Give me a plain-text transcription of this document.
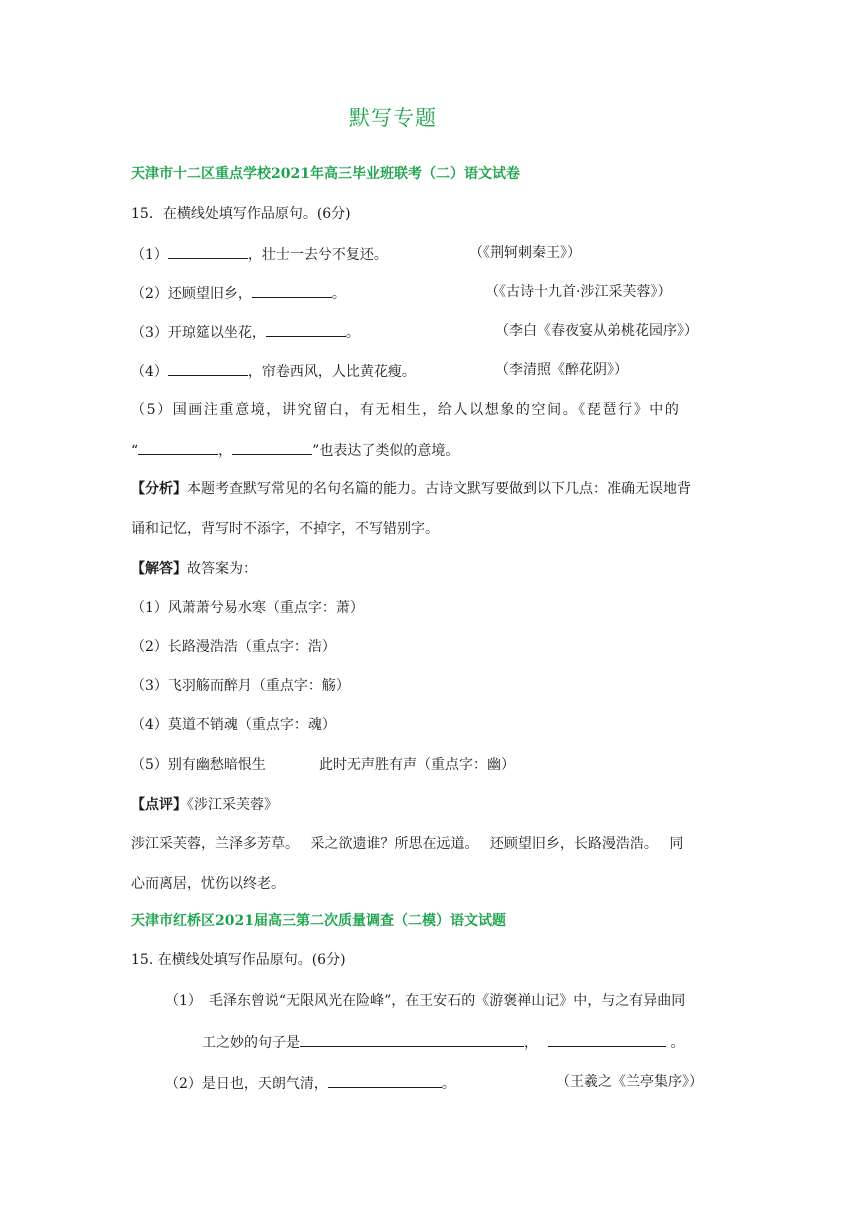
默写专题
天津市十二区重点学校2021年高三毕业班联考（二）语文试卷
15．在横线处填写作品原句。(6分)
（1）	，壮士一去兮不复还。	（《荆轲刺秦王》）
（2）还顾望旧乡，	。	（《古诗十九首·涉江采芙蓉》）
（3）开琼筵以坐花，	。	（李白《春夜宴从弟桃花园序》）
（4）	，帘卷西风，人比黄花瘦。	（李清照《醉花阴》）
（5）国画注重意境，讲究留白，有无相生，给人以想象的空间。《琵琶行》中的
“	，	”也表达了类似的意境。
【分析】本题考查默写常见的名句名篇的能力。古诗文默写要做到以下几点：准确无误地背
诵和记忆，背写时不添字，不掉字，不写错别字。
【解答】故答案为：
（1）风萧萧兮易水寒（重点字：萧）
（2）长路漫浩浩（重点字：浩）
（3）飞羽觞而醉月（重点字：觞）
（4）莫道不销魂（重点字：魂）
（5）别有幽愁暗恨生	此时无声胜有声（重点字：幽）
【点评】《涉江采芙蓉》
涉江采芙蓉，兰泽多芳草。　 采之欲遗谁？所思在远道。　 还顾望旧乡，长路漫浩浩。　 同
心而离居，忧伤以终老。
天津市红桥区2021届高三第二次质量调查（二模）语文试题
15. 在横线处填写作品原句。(6分)
（1）　毛泽东曾说“无限风光在险峰”，在王安石的《游褒禅山记》中，与之有异曲同
工之妙的句子是	，	。
（2）是日也，天朗气清，	。	（王羲之《兰亭集序》）
